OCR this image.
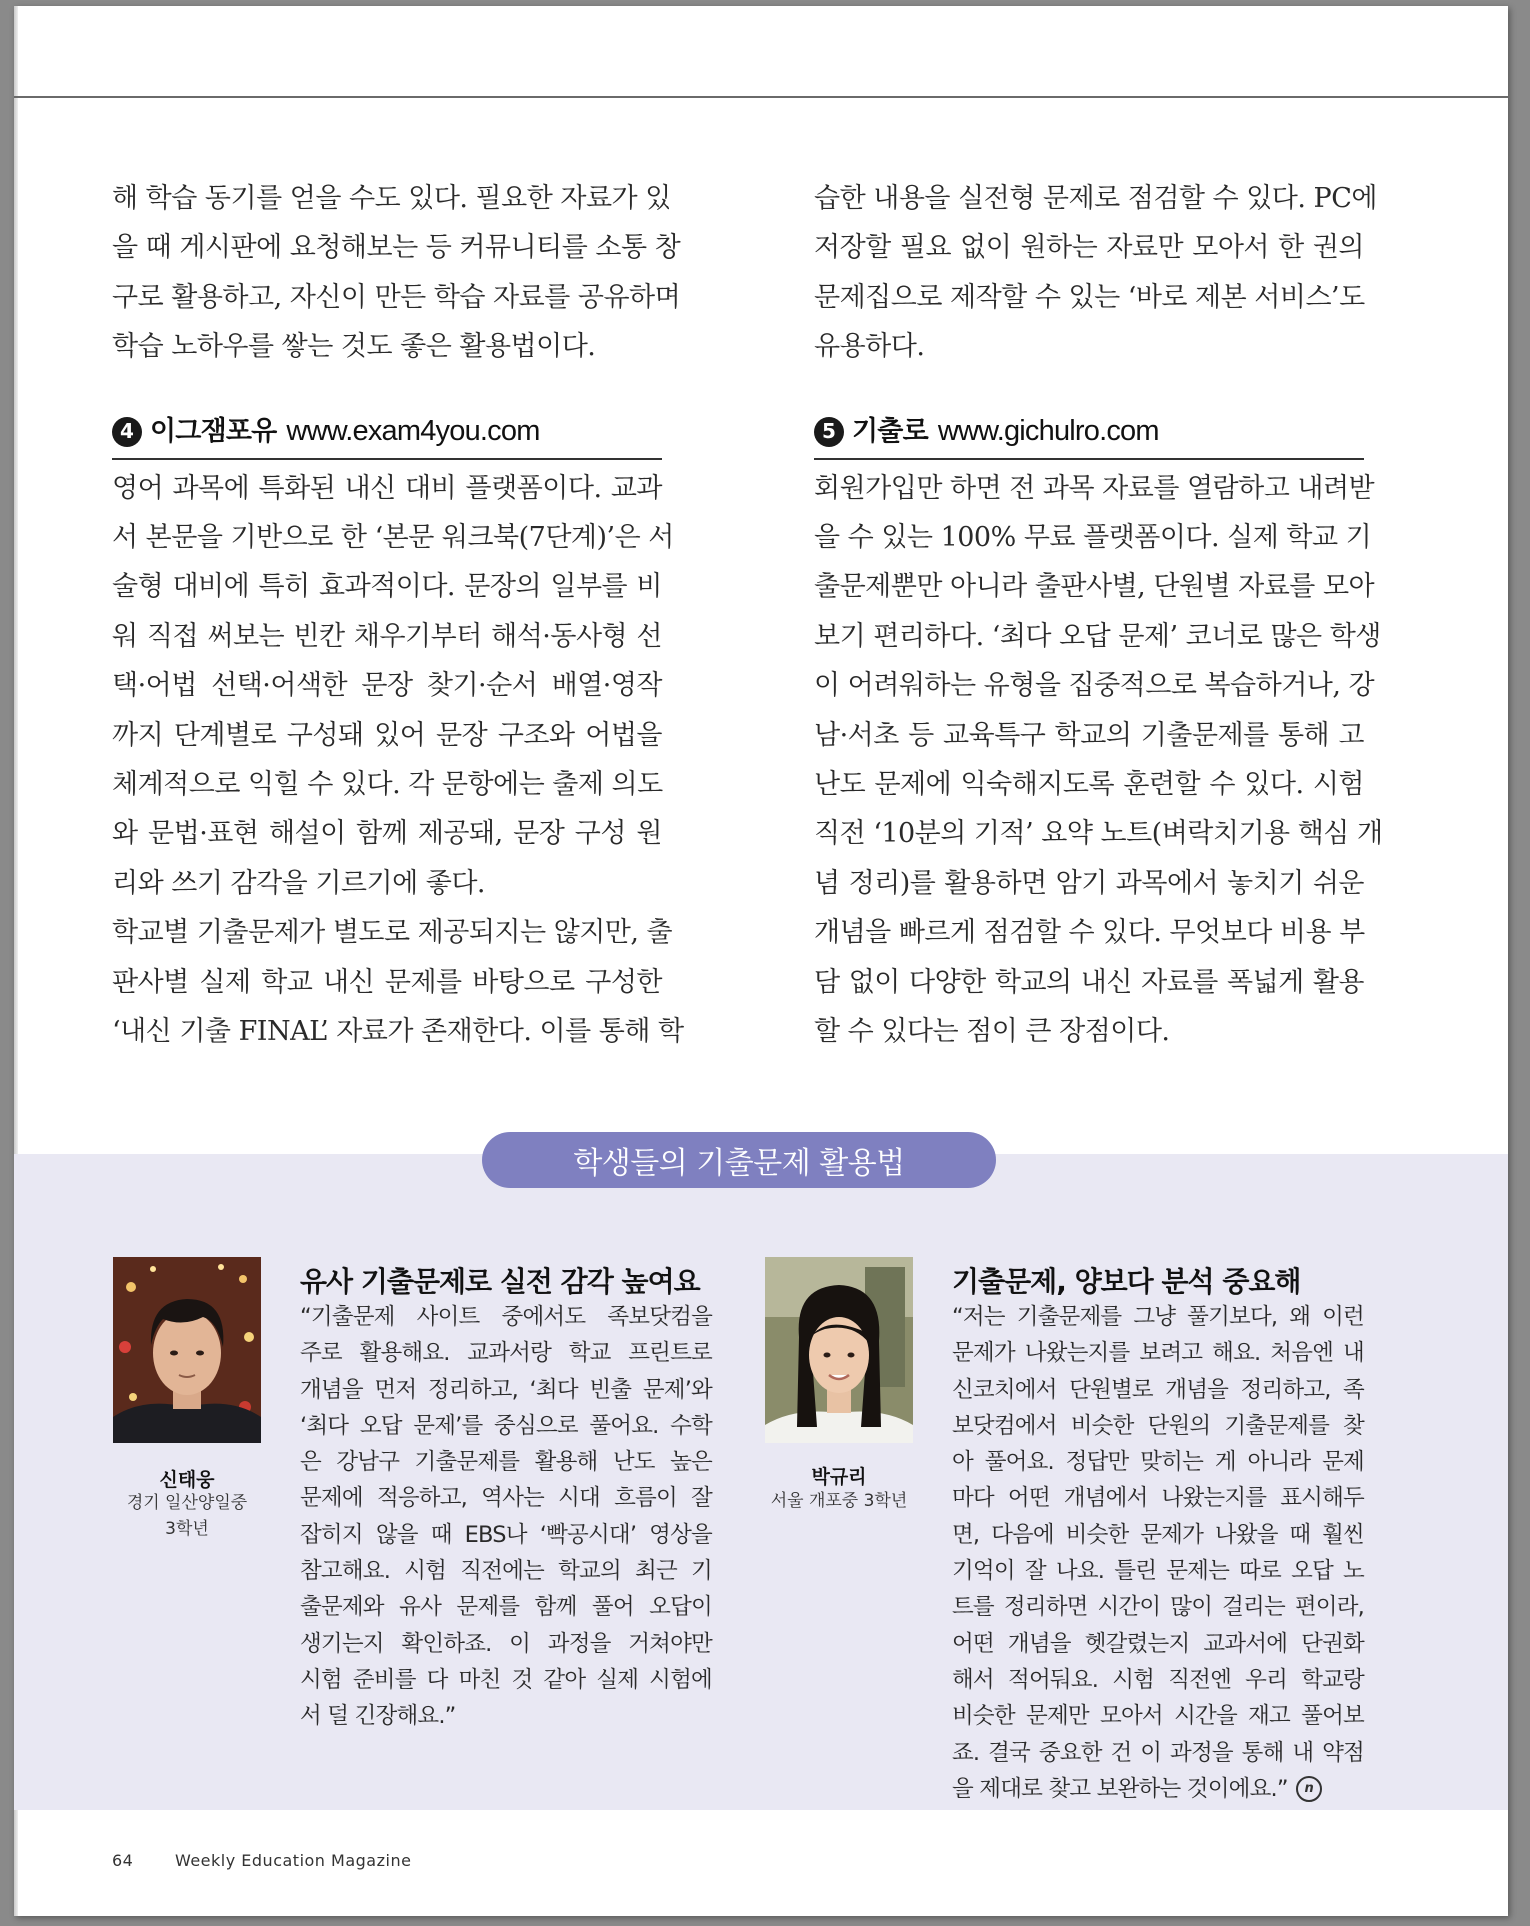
해 학습 동기를 얻을 수도 있다. 필요한 자료가 있
을 때 게시판에 요청해보는 등 커뮤니티를 소통 창
구로 활용하고, 자신이 만든 학습 자료를 공유하며
학습 노하우를 쌓는 것도 좋은 활용법이다.

4 이그잼포유 www.exam4you.com

영어 과목에 특화된 내신 대비 플랫폼이다. 교과
서 본문을 기반으로 한 ‘본문 워크북(7단계)’은 서
술형 대비에 특히 효과적이다. 문장의 일부를 비
워 직접 써보는 빈칸 채우기부터 해석·동사형 선
택·어법 선택·어색한 문장 찾기·순서 배열·영작
까지 단계별로 구성돼 있어 문장 구조와 어법을
체계적으로 익힐 수 있다. 각 문항에는 출제 의도
와 문법·표현 해설이 함께 제공돼, 문장 구성 원
리와 쓰기 감각을 기르기에 좋다.

학교별 기출문제가 별도로 제공되지는 않지만, 출
판사별 실제 학교 내신 문제를 바탕으로 구성한
‘내신 기출 FINAL’ 자료가 존재한다. 이를 통해 학

습한 내용을 실전형 문제로 점검할 수 있다. PC에
저장할 필요 없이 원하는 자료만 모아서 한 권의
문제집으로 제작할 수 있는 ‘바로 제본 서비스’도
유용하다.

5 기출로 www.gichulro.com

회원가입만 하면 전 과목 자료를 열람하고 내려받
을 수 있는 100% 무료 플랫폼이다. 실제 학교 기
출문제뿐만 아니라 출판사별, 단원별 자료를 모아
보기 편리하다. ‘최다 오답 문제’ 코너로 많은 학생
이 어려워하는 유형을 집중적으로 복습하거나, 강
남·서초 등 교육특구 학교의 기출문제를 통해 고
난도 문제에 익숙해지도록 훈련할 수 있다. 시험
직전 ‘10분의 기적’ 요약 노트(벼락치기용 핵심 개
념 정리)를 활용하면 암기 과목에서 놓치기 쉬운
개념을 빠르게 점검할 수 있다. 무엇보다 비용 부
담 없이 다양한 학교의 내신 자료를 폭넓게 활용
할 수 있다는 점이 큰 장점이다.

학생들의 기출문제 활용법
신태웅
경기 일산양일중
3학년
유사 기출문제로 실전 감각 높여요
“기출문제 사이트 중에서도 족보닷컴을
주로 활용해요. 교과서랑 학교 프린트로
개념을 먼저 정리하고, ‘최다 빈출 문제’와
‘최다 오답 문제’를 중심으로 풀어요. 수학
은 강남구 기출문제를 활용해 난도 높은
문제에 적응하고, 역사는 시대 흐름이 잘
잡히지 않을 때 EBS나 ‘빡공시대’ 영상을
참고해요. 시험 직전에는 학교의 최근 기
출문제와 유사 문제를 함께 풀어 오답이
생기는지 확인하죠. 이 과정을 거쳐야만
시험 준비를 다 마친 것 같아 실제 시험에
서 덜 긴장해요.”
박규리
서울 개포중 3학년
기출문제, 양보다 분석 중요해
“저는 기출문제를 그냥 풀기보다, 왜 이런
문제가 나왔는지를 보려고 해요. 처음엔 내
신코치에서 단원별로 개념을 정리하고, 족
보닷컴에서 비슷한 단원의 기출문제를 찾
아 풀어요. 정답만 맞히는 게 아니라 문제
마다 어떤 개념에서 나왔는지를 표시해두
면, 다음에 비슷한 문제가 나왔을 때 훨씬
기억이 잘 나요. 틀린 문제는 따로 오답 노
트를 정리하면 시간이 많이 걸리는 편이라,
어떤 개념을 헷갈렸는지 교과서에 단권화
해서 적어둬요. 시험 직전엔 우리 학교랑
비슷한 문제만 모아서 시간을 재고 풀어보
죠. 결국 중요한 건 이 과정을 통해 내 약점
을 제대로 찾고 보완하는 것이에요.” n
64	Weekly Education Magazine
